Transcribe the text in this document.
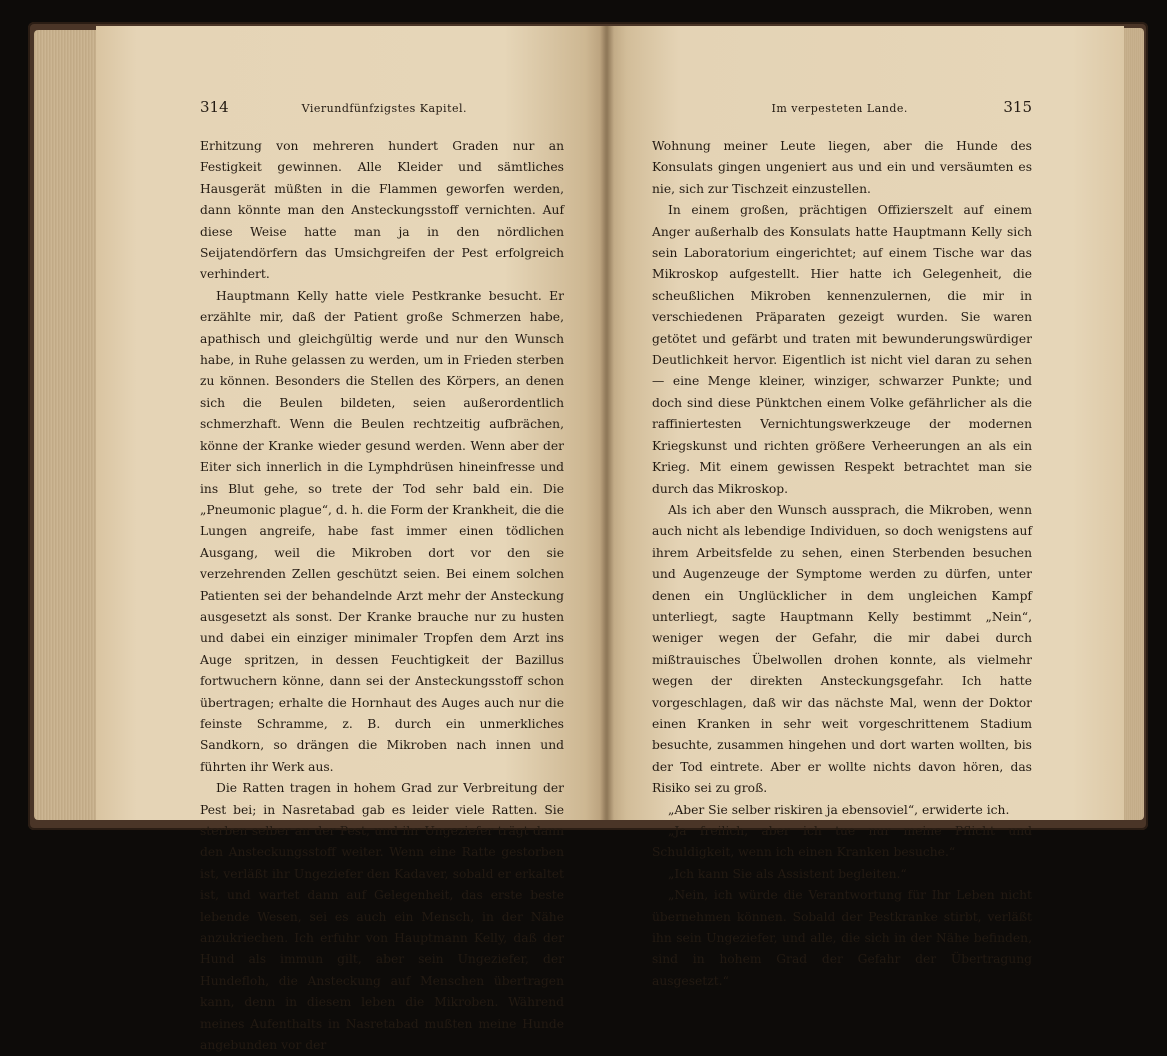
314	Vierundfünfzigstes Kapitel.

Erhitzung von mehreren hundert Graden nur an Festigkeit gewinnen. Alle Kleider und sämtliches Hausgerät müßten in die Flammen geworfen werden, dann könnte man den Ansteckungsstoff vernichten. Auf diese Weise hatte man ja in den nördlichen Seijatendörfern das Umsichgreifen der Pest erfolgreich verhindert.

Hauptmann Kelly hatte viele Pestkranke besucht. Er erzählte mir, daß der Patient große Schmerzen habe, apathisch und gleichgültig werde und nur den Wunsch habe, in Ruhe gelassen zu werden, um in Frieden sterben zu können. Besonders die Stellen des Körpers, an denen sich die Beulen bildeten, seien außerordentlich schmerzhaft. Wenn die Beulen rechtzeitig aufbrächen, könne der Kranke wieder gesund werden. Wenn aber der Eiter sich innerlich in die Lymphdrüsen hineinfresse und ins Blut gehe, so trete der Tod sehr bald ein. Die „Pneumonic plague“, d. h. die Form der Krankheit, die die Lungen angreife, habe fast immer einen tödlichen Ausgang, weil die Mikroben dort vor den sie verzehrenden Zellen geschützt seien. Bei einem solchen Patienten sei der behandelnde Arzt mehr der Ansteckung ausgesetzt als sonst. Der Kranke brauche nur zu husten und dabei ein einziger minimaler Tropfen dem Arzt ins Auge spritzen, in dessen Feuchtigkeit der Bazillus fortwuchern könne, dann sei der Ansteckungsstoff schon übertragen; erhalte die Hornhaut des Auges auch nur die feinste Schramme, z. B. durch ein unmerkliches Sandkorn, so drängen die Mikroben nach innen und führten ihr Werk aus.

Die Ratten tragen in hohem Grad zur Verbreitung der Pest bei; in Nasretabad gab es leider viele Ratten. Sie sterben selber an der Pest, und ihr Ungeziefer trägt dann den Ansteckungsstoff weiter. Wenn eine Ratte gestorben ist, verläßt ihr Ungeziefer den Kadaver, sobald er erkaltet ist, und wartet dann auf Gelegenheit, das erste beste lebende Wesen, sei es auch ein Mensch, in der Nähe anzukriechen. Ich erfuhr von Hauptmann Kelly, daß der Hund als immun gilt, aber sein Ungeziefer, der Hundefloh, die Ansteckung auf Menschen übertragen kann, denn in diesem leben die Mikroben. Während meines Aufenthalts in Nasretabad mußten meine Hunde angebunden vor der

Im verpesteten Lande.	315

Wohnung meiner Leute liegen, aber die Hunde des Konsulats gingen ungeniert aus und ein und versäumten es nie, sich zur Tischzeit einzustellen.

In einem großen, prächtigen Offizierszelt auf einem Anger außerhalb des Konsulats hatte Hauptmann Kelly sich sein Laboratorium eingerichtet; auf einem Tische war das Mikroskop aufgestellt. Hier hatte ich Gelegenheit, die scheußlichen Mikroben kennenzulernen, die mir in verschiedenen Präparaten gezeigt wurden. Sie waren getötet und gefärbt und traten mit bewunderungswürdiger Deutlichkeit hervor. Eigentlich ist nicht viel daran zu sehen — eine Menge kleiner, winziger, schwarzer Punkte; und doch sind diese Pünktchen einem Volke gefährlicher als die raffiniertesten Vernichtungswerkzeuge der modernen Kriegskunst und richten größere Verheerungen an als ein Krieg. Mit einem gewissen Respekt betrachtet man sie durch das Mikroskop.

Als ich aber den Wunsch aussprach, die Mikroben, wenn auch nicht als lebendige Individuen, so doch wenigstens auf ihrem Arbeitsfelde zu sehen, einen Sterbenden besuchen und Augenzeuge der Symptome werden zu dürfen, unter denen ein Unglücklicher in dem ungleichen Kampf unterliegt, sagte Hauptmann Kelly bestimmt „Nein“, weniger wegen der Gefahr, die mir dabei durch mißtrauisches Übelwollen drohen konnte, als vielmehr wegen der direkten Ansteckungsgefahr. Ich hatte vorgeschlagen, daß wir das nächste Mal, wenn der Doktor einen Kranken in sehr weit vorgeschrittenem Stadium besuchte, zusammen hingehen und dort warten wollten, bis der Tod eintrete. Aber er wollte nichts davon hören, das Risiko sei zu groß.

„Aber Sie selber riskiren ja ebensoviel“, erwiderte ich.

„Ja freilich, aber ich tue nur meine Pflicht und Schuldigkeit, wenn ich einen Kranken besuche.“

„Ich kann Sie als Assistent begleiten.“

„Nein, ich würde die Verantwortung für Ihr Leben nicht übernehmen können. Sobald der Pestkranke stirbt, verläßt ihn sein Ungeziefer, und alle, die sich in der Nähe befinden, sind in hohem Grad der Gefahr der Übertragung ausgesetzt.“
